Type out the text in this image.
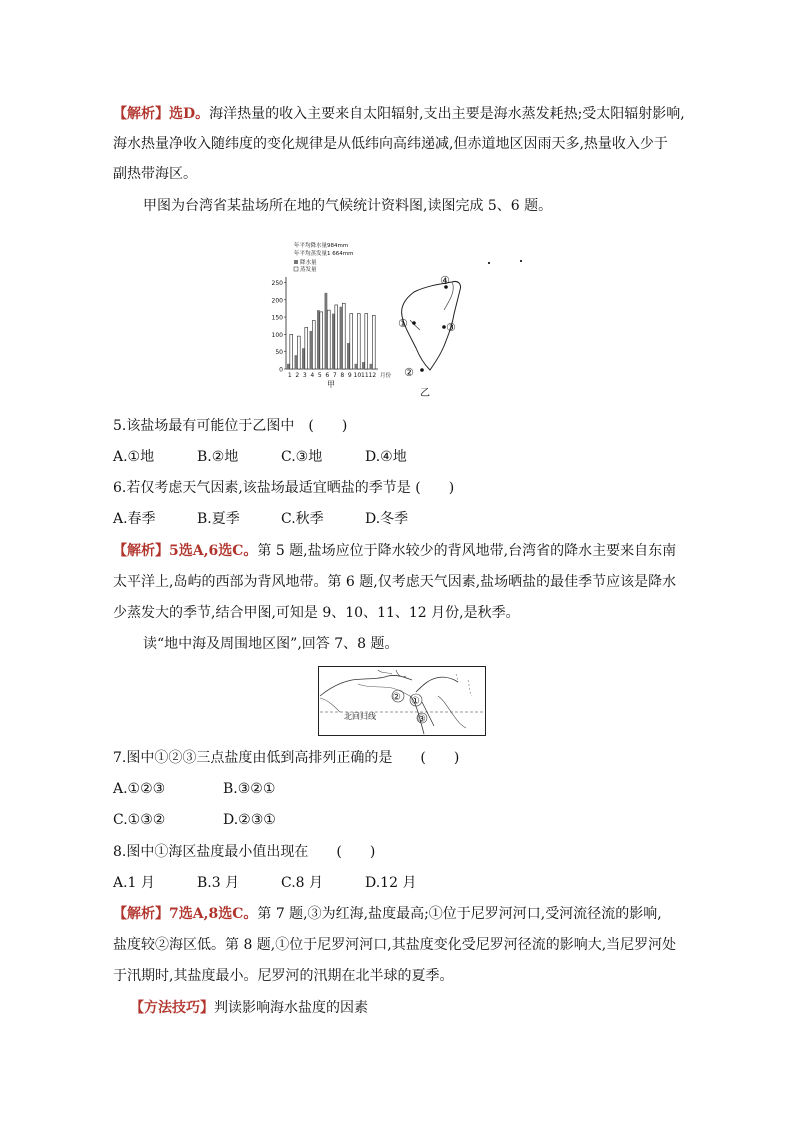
【解析】选D。海洋热量的收入主要来自太阳辐射,支出主要是海水蒸发耗热;受太阳辐射影响,
海水热量净收入随纬度的变化规律是从低纬向高纬递减,但赤道地区因雨天多,热量收入少于
副热带海区。
甲图为台湾省某盐场所在地的气候统计资料图,读图完成 5、6 题。
250
200
150
100
50
0
1 2 3 4 5 6 7 8 9 10 11 12 月份
甲
年平均降水量984mm
年平均蒸发量1 664mm
降水量
蒸发量
①
②
③
④
乙
5.该盐场最有可能位于乙图中　(　　)
A.①地	B.②地	C.③地	D.④地
6.若仅考虑天气因素,该盐场最适宜晒盐的季节是 (　　)
A.春季	B.夏季	C.秋季	D.冬季
【解析】5选A,6选C。第 5 题,盐场应位于降水较少的背风地带,台湾省的降水主要来自东南
太平洋上,岛屿的西部为背风地带。第 6 题,仅考虑天气因素,盐场晒盐的最佳季节应该是降水
少蒸发大的季节,结合甲图,可知是 9、10、11、12 月份,是秋季。
读“地中海及周围地区图”,回答 7、8 题。
①
②
③
北回归线
7.图中①②③三点盐度由低到高排列正确的是　　(　　)
A.①②③	B.③②①
C.①③②	D.②③①
8.图中①海区盐度最小值出现在　　(　　)
A.1 月	B.3 月	C.8 月	D.12 月
【解析】7选A,8选C。第 7 题,③为红海,盐度最高;①位于尼罗河河口,受河流径流的影响,
盐度较②海区低。第 8 题,①位于尼罗河河口,其盐度变化受尼罗河径流的影响大,当尼罗河处
于汛期时,其盐度最小。尼罗河的汛期在北半球的夏季。
【方法技巧】判读影响海水盐度的因素
